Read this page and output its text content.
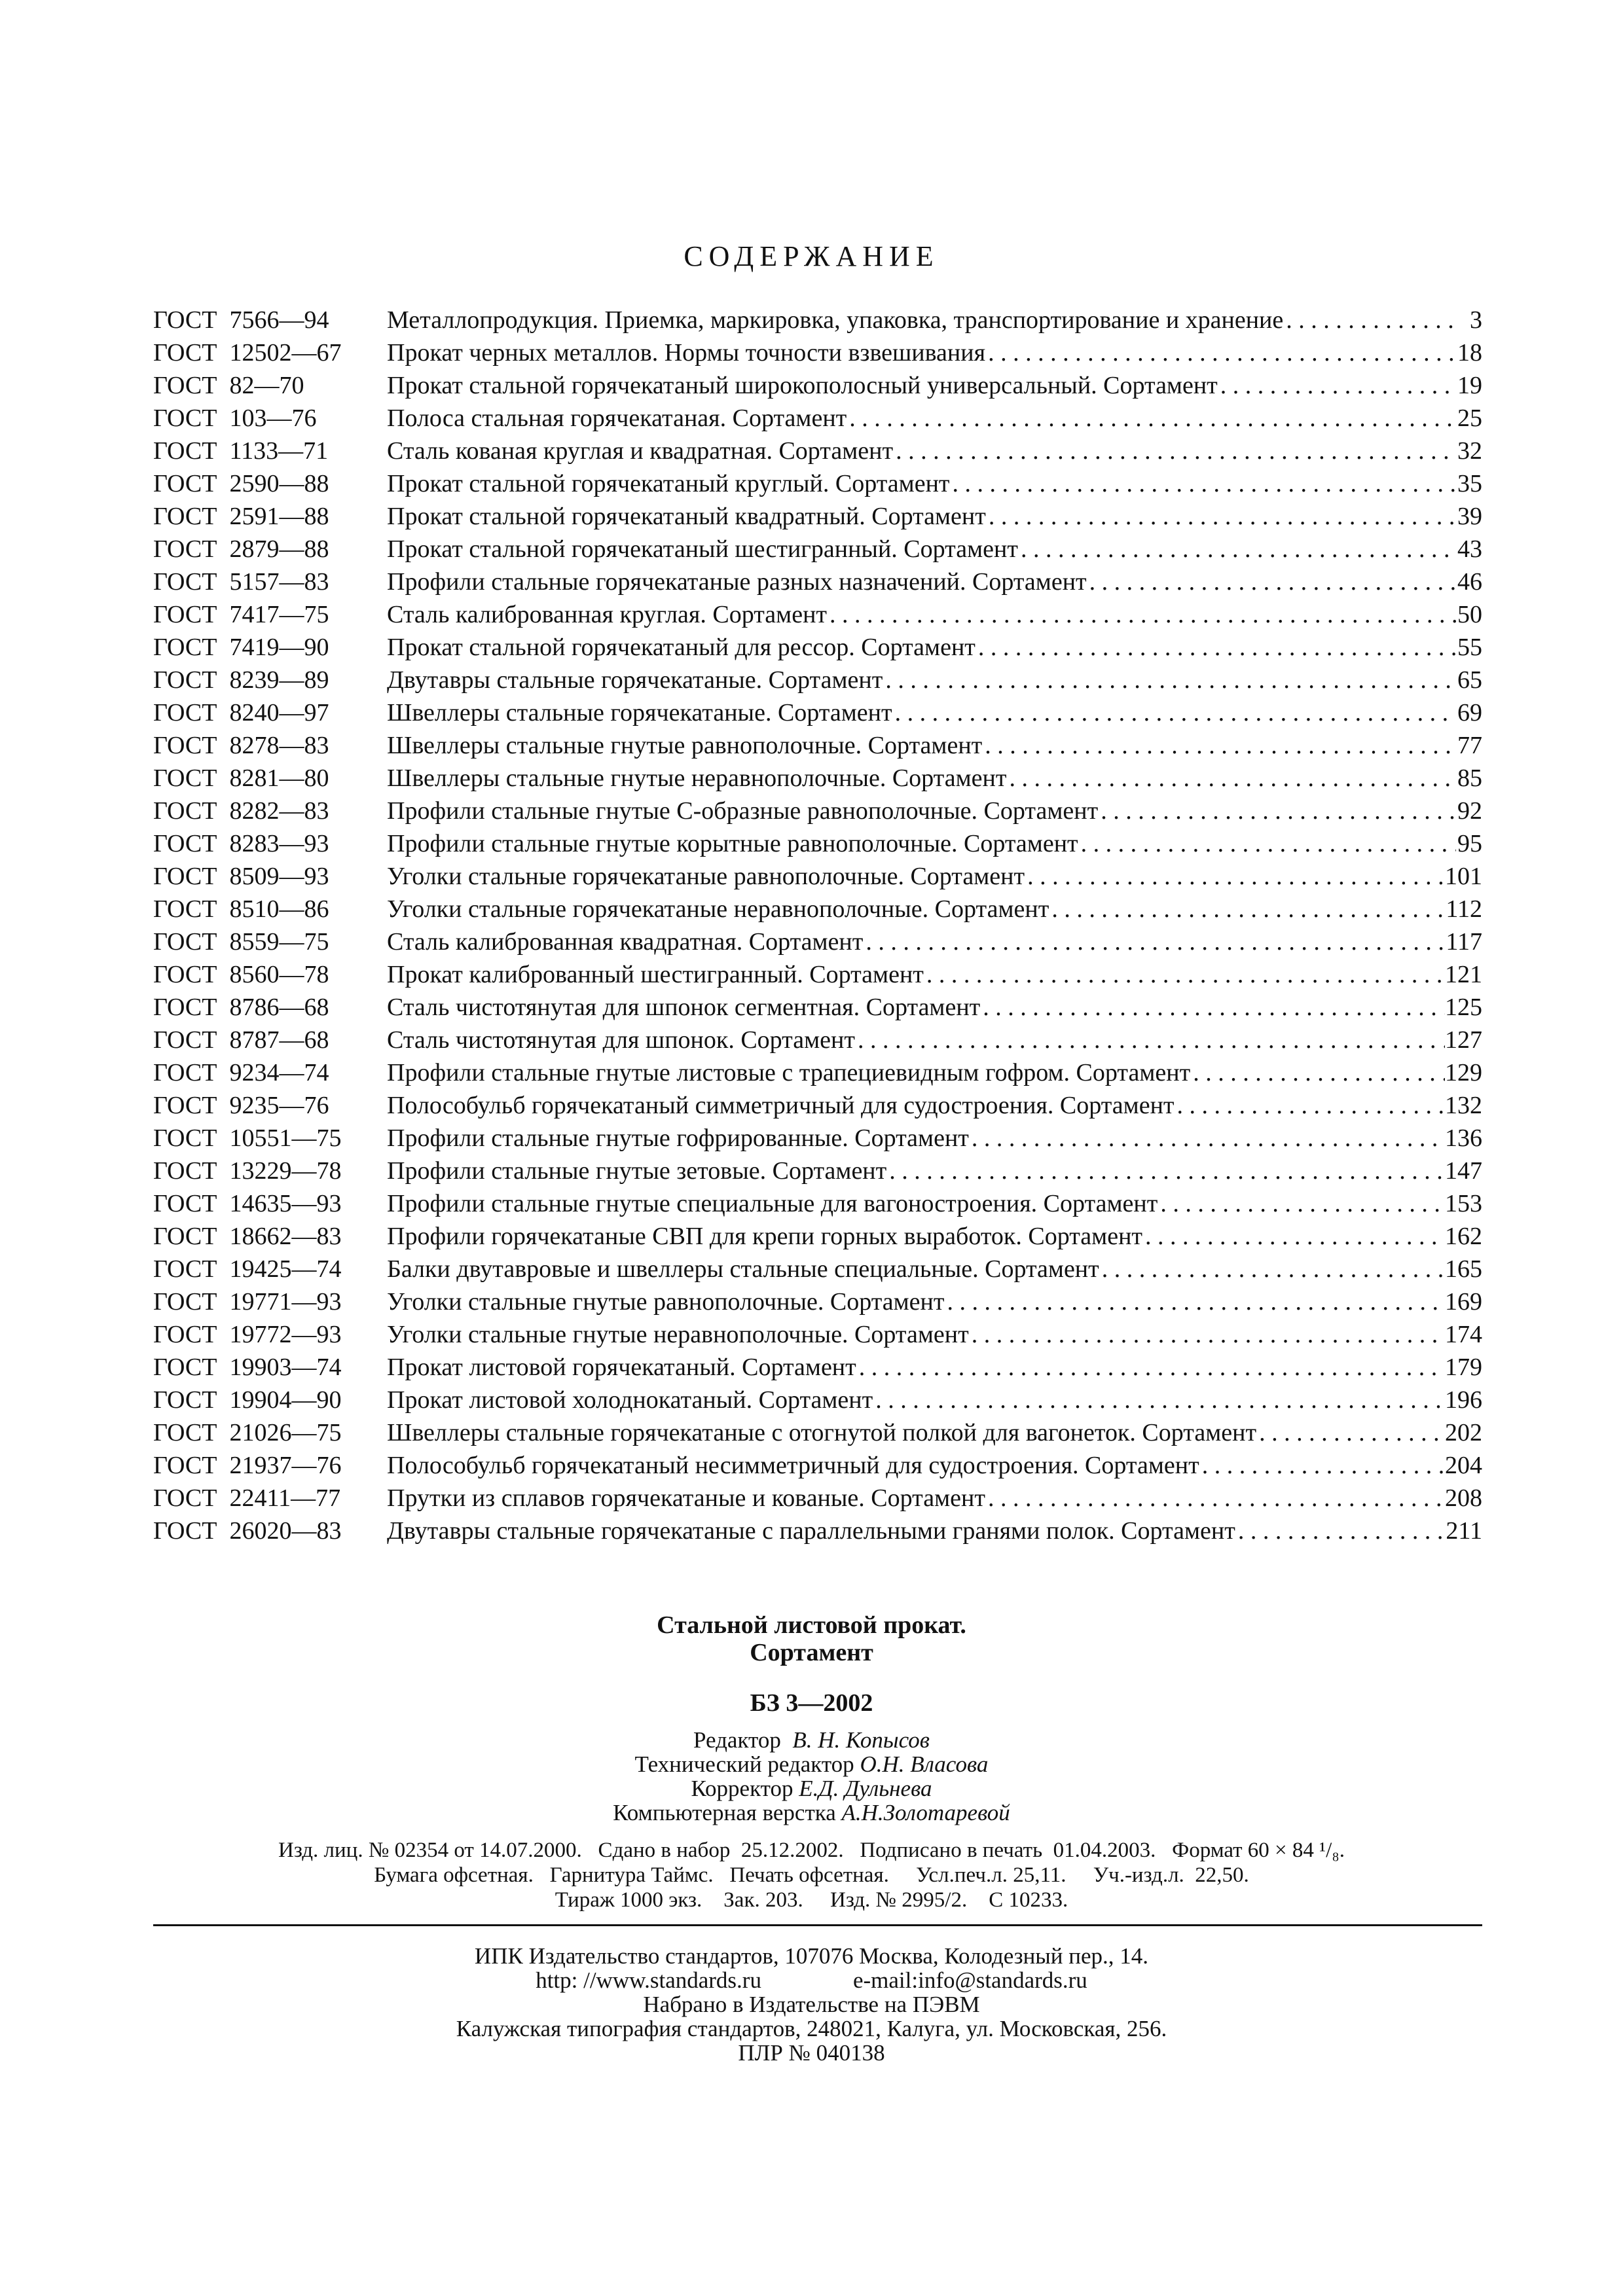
СОДЕРЖАНИЕ
ГОСТ  7566—94	Металлопродукция. Приемка, маркировка, упаковка, транспортирование и хранение . . .	3
ГОСТ  12502—67	Прокат черных металлов. Нормы точности взвешивания . . .	18
ГОСТ  82—70	Прокат стальной горячекатаный широкополосный универсальный. Сортамент . . .	19
ГОСТ  103—76	Полоса стальная горячекатаная. Сортамент . . .	25
ГОСТ  1133—71	Сталь кованая круглая и квадратная. Сортамент . . .	32
ГОСТ  2590—88	Прокат стальной горячекатаный круглый. Сортамент . . .	35
ГОСТ  2591—88	Прокат стальной горячекатаный квадратный. Сортамент . . .	39
ГОСТ  2879—88	Прокат стальной горячекатаный шестигранный. Сортамент . . .	43
ГОСТ  5157—83	Профили стальные горячекатаные разных назначений. Сортамент . . .	46
ГОСТ  7417—75	Сталь калиброванная круглая. Сортамент . . .	50
ГОСТ  7419—90	Прокат стальной горячекатаный для рессор. Сортамент . . .	55
ГОСТ  8239—89	Двутавры стальные горячекатаные. Сортамент . . .	65
ГОСТ  8240—97	Швеллеры стальные горячекатаные. Сортамент . . .	69
ГОСТ  8278—83	Швеллеры стальные гнутые равнополочные. Сортамент . . .	77
ГОСТ  8281—80	Швеллеры стальные гнутые неравнополочные. Сортамент . . .	85
ГОСТ  8282—83	Профили стальные гнутые С-образные равнополочные. Сортамент . . .	92
ГОСТ  8283—93	Профили стальные гнутые корытные равнополочные. Сортамент . . .	95
ГОСТ  8509—93	Уголки стальные горячекатаные равнополочные. Сортамент . . .	101
ГОСТ  8510—86	Уголки стальные горячекатаные неравнополочные. Сортамент . . .	112
ГОСТ  8559—75	Сталь калиброванная квадратная. Сортамент . . .	117
ГОСТ  8560—78	Прокат калиброванный шестигранный. Сортамент . . .	121
ГОСТ  8786—68	Сталь чистотянутая для шпонок сегментная. Сортамент . . .	125
ГОСТ  8787—68	Сталь чистотянутая для шпонок. Сортамент . . .	127
ГОСТ  9234—74	Профили стальные гнутые листовые с трапециевидным гофром. Сортамент . . .	129
ГОСТ  9235—76	Полособульб горячекатаный симметричный для судостроения. Сортамент . . .	132
ГОСТ  10551—75	Профили стальные гнутые гофрированные. Сортамент . . .	136
ГОСТ  13229—78	Профили стальные гнутые зетовые. Сортамент . . .	147
ГОСТ  14635—93	Профили стальные гнутые специальные для вагоностроения. Сортамент . . .	153
ГОСТ  18662—83	Профили горячекатаные СВП для крепи горных выработок. Сортамент . . .	162
ГОСТ  19425—74	Балки двутавровые и швеллеры стальные специальные. Сортамент . . .	165
ГОСТ  19771—93	Уголки стальные гнутые равнополочные. Сортамент . . .	169
ГОСТ  19772—93	Уголки стальные гнутые неравнополочные. Сортамент . . .	174
ГОСТ  19903—74	Прокат листовой горячекатаный. Сортамент . . .	179
ГОСТ  19904—90	Прокат листовой холоднокатаный. Сортамент . . .	196
ГОСТ  21026—75	Швеллеры стальные горячекатаные с отогнутой полкой для вагонеток. Сортамент . . .	202
ГОСТ  21937—76	Полособульб горячекатаный несимметричный для судостроения. Сортамент . . .	204
ГОСТ  22411—77	Прутки из сплавов горячекатаные и кованые. Сортамент . . .	208
ГОСТ  26020—83	Двутавры стальные горячекатаные с параллельными гранями полок. Сортамент . . .	211
Стальной листовой прокат.
Сортамент
БЗ 3—2002
Редактор В. Н. Копысов
Технический редактор О.Н. Власова
Корректор Е.Д. Дульнева
Компьютерная верстка А.Н.Золотаревой
Изд. лиц. № 02354 от 14.07.2000.   Сдано в набор  25.12.2002.   Подписано в печать  01.04.2003.   Формат 60 × 84 ¹/₈.
Бумага офсетная.   Гарнитура Таймс.   Печать офсетная.     Усл.печ.л. 25,11.     Уч.-изд.л.  22,50.
Тираж 1000 экз.    Зак. 203.     Изд. № 2995/2.    С 10233.
ИПК Издательство стандартов, 107076 Москва, Колодезный пер., 14.
http: //www.standards.ru	e-mail:info@standards.ru
Набрано в Издательстве на ПЭВМ
Калужская типография стандартов, 248021, Калуга, ул. Московская, 256.
ПЛР № 040138
